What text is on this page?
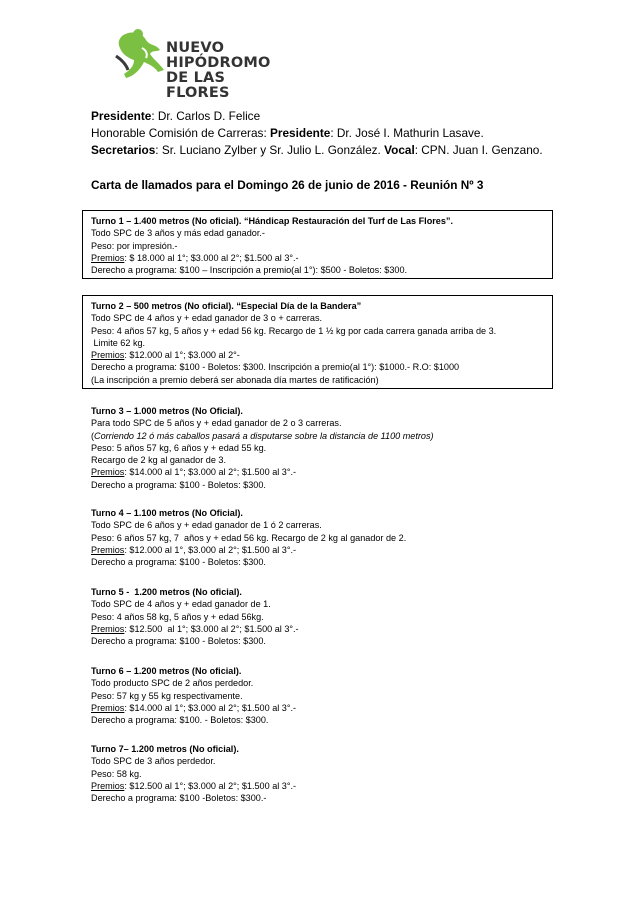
NUEVO HIPÓDROMO
DE LAS FLORES
Presidente: Dr. Carlos D. Felice
Honorable Comisión de Carreras: Presidente: Dr. José I. Mathurin Lasave.
Secretarios: Sr. Luciano Zylber y Sr. Julio L. González. Vocal: CPN. Juan I. Genzano.
Carta de llamados para el Domingo 26 de junio de 2016 - Reunión Nº 3
Turno 1 – 1.400 metros (No oficial). “Hándicap Restauración del Turf de Las Flores”.
Todo SPC de 3 años y más edad ganador.-
Peso: por impresión.-
Premios: $ 18.000 al 1°; $3.000 al 2°; $1.500 al 3°.-
Derecho a programa: $100 – Inscripción a premio(al 1°): $500 - Boletos: $300.
Turno 2 – 500 metros (No oficial). “Especial Día de la Bandera”
Todo SPC de 4 años y + edad ganador de 3 o + carreras.
Peso: 4 años 57 kg, 5 años y + edad 56 kg. Recargo de 1 ½ kg por cada carrera ganada arriba de 3.
Limite 62 kg.
Premios: $12.000 al 1°; $3.000 al 2°-
Derecho a programa: $100 - Boletos: $300. Inscripción a premio(al 1°): $1000.- R.O: $1000
(La inscripción a premio deberá ser abonada día martes de ratificación)
Turno 3 – 1.000 metros (No Oficial).
Para todo SPC de 5 años y + edad ganador de 2 o 3 carreras.
(Corriendo 12 ó más caballos pasará a disputarse sobre la distancia de 1100 metros)
Peso: 5 años 57 kg, 6 años y + edad 55 kg.
Recargo de 2 kg al ganador de 3.
Premios: $14.000 al 1°; $3.000 al 2°; $1.500 al 3°.-
Derecho a programa: $100 - Boletos: $300.
Turno 4 – 1.100 metros (No Oficial).
Todo SPC de 6 años y + edad ganador de 1 ó 2 carreras.
Peso: 6 años 57 kg, 7  años y + edad 56 kg. Recargo de 2 kg al ganador de 2.
Premios: $12.000 al 1°, $3.000 al 2°; $1.500 al 3°.-
Derecho a programa: $100 - Boletos: $300.
Turno 5 -  1.200 metros (No oficial).
Todo SPC de 4 años y + edad ganador de 1.
Peso: 4 años 58 kg, 5 años y + edad 56kg.
Premios: $12.500  al 1°; $3.000 al 2°; $1.500 al 3°.-
Derecho a programa: $100 - Boletos: $300.
Turno 6 – 1.200 metros (No oficial).
Todo producto SPC de 2 años perdedor.
Peso: 57 kg y 55 kg respectivamente.
Premios: $14.000 al 1°; $3.000 al 2°; $1.500 al 3°.-
Derecho a programa: $100. - Boletos: $300.
Turno 7– 1.200 metros (No oficial).
Todo SPC de 3 años perdedor.
Peso: 58 kg.
Premios: $12.500 al 1°; $3.000 al 2°; $1.500 al 3°.-
Derecho a programa: $100 -Boletos: $300.-
